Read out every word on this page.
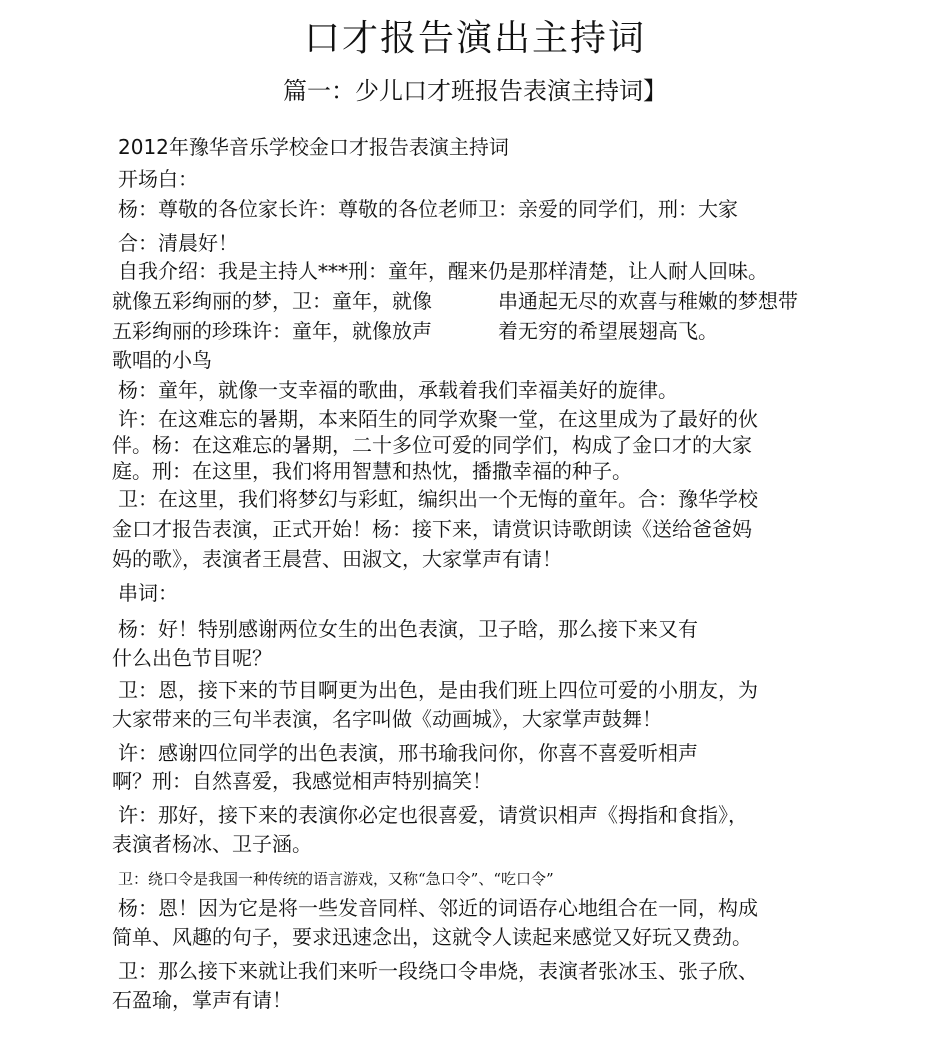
口才报告演出主持词
篇一：少儿口才班报告表演主持词】
2012年豫华音乐学校金口才报告表演主持词
开场白：
杨：尊敬的各位家长许：尊敬的各位老师卫：亲爱的同学们，刑：大家
合：清晨好！
自我介绍：我是主持人***刑：童年，醒来仍是那样清楚，让人耐人回味。
就像五彩绚丽的梦，卫：童年，就像	串通起无尽的欢喜与稚嫩的梦想带
五彩绚丽的珍珠许：童年，就像放声	着无穷的希望展翅高飞。
歌唱的小鸟
杨：童年，就像一支幸福的歌曲，承载着我们幸福美好的旋律。
许：在这难忘的暑期，本来陌生的同学欢聚一堂，在这里成为了最好的伙
伴。杨：在这难忘的暑期，二十多位可爱的同学们，构成了金口才的大家
庭。刑：在这里，我们将用智慧和热忱，播撒幸福的种子。
卫：在这里，我们将梦幻与彩虹，编织出一个无悔的童年。合：豫华学校
金口才报告表演，正式开始！杨：接下来，请赏识诗歌朗读《送给爸爸妈
妈的歌》，表演者王晨营、田淑文，大家掌声有请！
串词：
杨：好！特别感谢两位女生的出色表演，卫子晗，那么接下来又有
什么出色节目呢？
卫：恩，接下来的节目啊更为出色，是由我们班上四位可爱的小朋友，为
大家带来的三句半表演，名字叫做《动画城》，大家掌声鼓舞！
许：感谢四位同学的出色表演，邢书瑜我问你，你喜不喜爱听相声
啊？刑：自然喜爱，我感觉相声特别搞笑！
许：那好，接下来的表演你必定也很喜爱，请赏识相声《拇指和食指》，
表演者杨冰、卫子涵。
卫：绕口令是我国一种传统的语言游戏，又称“急口令”、“吃口令”
杨：恩！因为它是将一些发音同样、邻近的词语存心地组合在一同，构成
简单、风趣的句子，要求迅速念出，这就令人读起来感觉又好玩又费劲。
卫：那么接下来就让我们来听一段绕口令串烧，表演者张冰玉、张子欣、
石盈瑜，掌声有请！
